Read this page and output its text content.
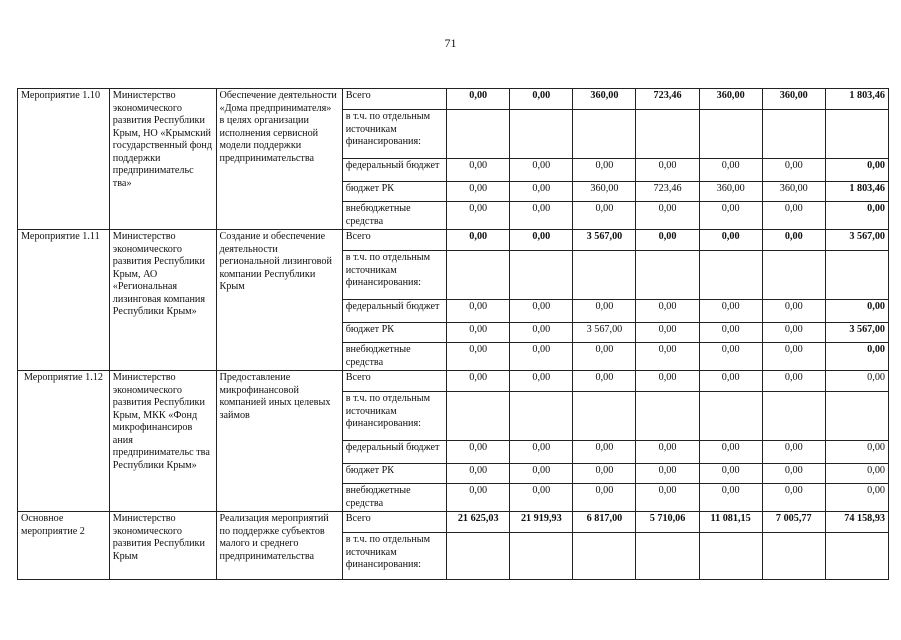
71
Мероприятие 1.10	Министерство экономического развития Республики Крым, НО «Крымский государственный фонд поддержки предпринимательс тва»	Обеспечение деятельности «Дома предпринимателя» в целях организации исполнения сервисной модели поддержки предпринимательства	Всего	0,00	0,00	360,00	723,46	360,00	360,00	1 803,46
			в т.ч. по отдельным источникам финансирования:							
			федеральный бюджет	0,00	0,00	0,00	0,00	0,00	0,00	0,00
			бюджет РК	0,00	0,00	360,00	723,46	360,00	360,00	1 803,46
			внебюджетные средства	0,00	0,00	0,00	0,00	0,00	0,00	0,00
Мероприятие 1.11	Министерство экономического развития Республики Крым, АО «Региональная лизинговая компания Республики Крым»	Создание и обеспечение деятельности региональной лизинговой компании Республики Крым	Всего	0,00	0,00	3 567,00	0,00	0,00	0,00	3 567,00
			в т.ч. по отдельным источникам финансирования:							
			федеральный бюджет	0,00	0,00	0,00	0,00	0,00	0,00	0,00
			бюджет РК	0,00	0,00	3 567,00	0,00	0,00	0,00	3 567,00
			внебюджетные средства	0,00	0,00	0,00	0,00	0,00	0,00	0,00
Мероприятие 1.12	Министерство экономического развития Республики Крым, МКК «Фонд микрофинансиров ания предпринимательс тва Республики Крым»	Предоставление микрофинансовой компанией иных целевых займов	Всего	0,00	0,00	0,00	0,00	0,00	0,00	0,00
			в т.ч. по отдельным источникам финансирования:							
			федеральный бюджет	0,00	0,00	0,00	0,00	0,00	0,00	0,00
			бюджет РК	0,00	0,00	0,00	0,00	0,00	0,00	0,00
			внебюджетные средства	0,00	0,00	0,00	0,00	0,00	0,00	0,00
Основное мероприятие 2	Министерство экономического развития Республики Крым	Реализация мероприятий по поддержке субъектов малого и среднего предпринимательства	Всего	21 625,03	21 919,93	6 817,00	5 710,06	11 081,15	7 005,77	74 158,93
			в т.ч. по отдельным источникам финансирования:							
